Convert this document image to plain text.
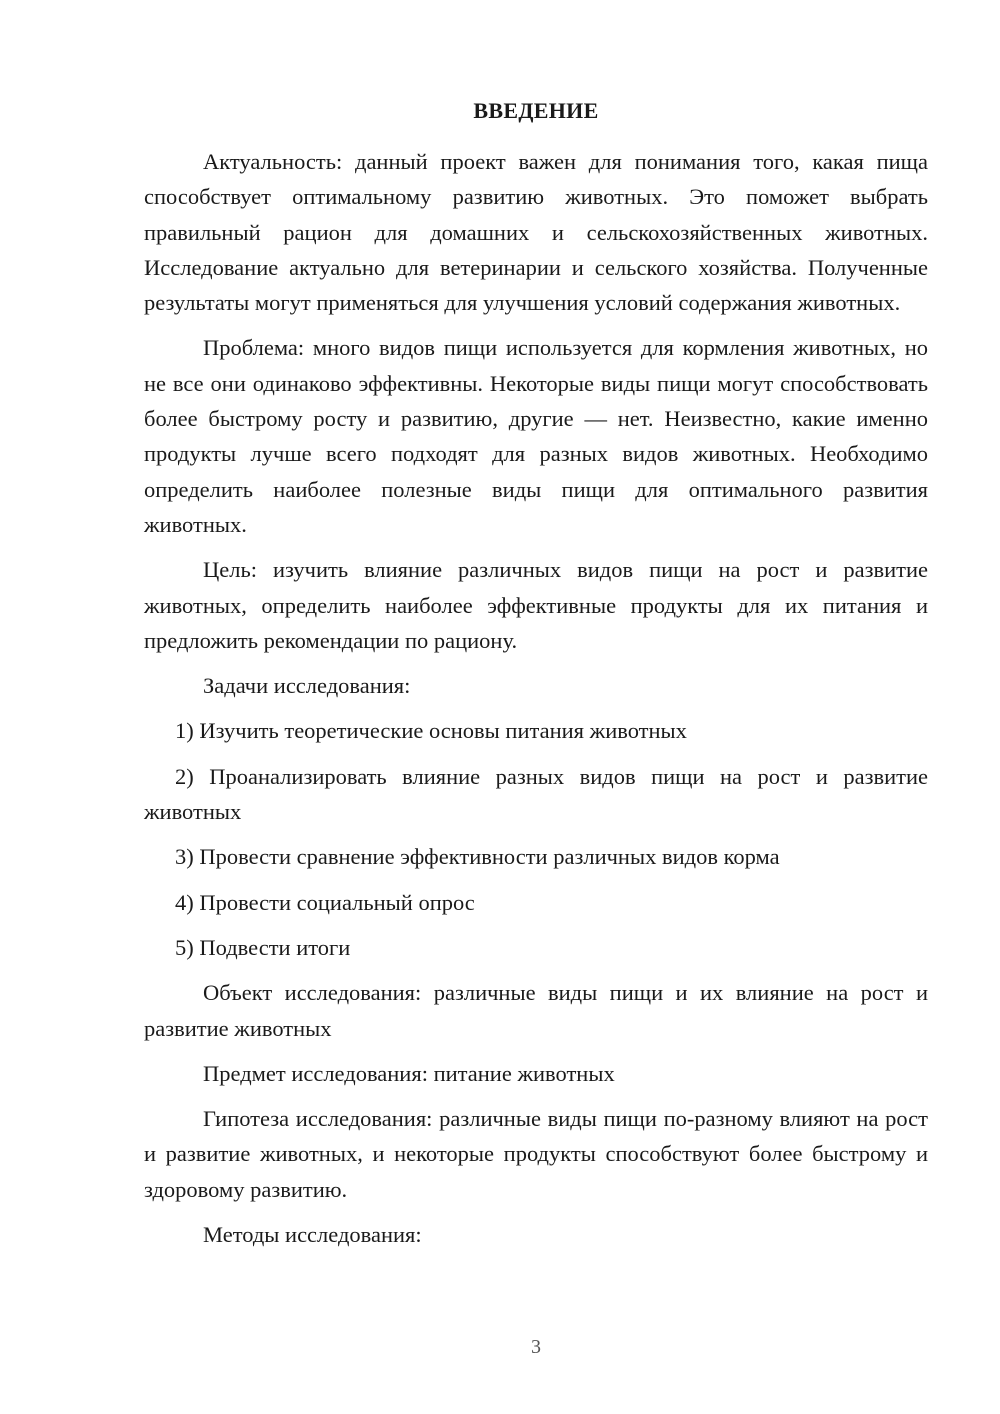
ВВЕДЕНИЕ

Актуальность: данный проект важен для понимания того, какая пища способствует оптимальному развитию животных. Это поможет выбрать правильный рацион для домашних и сельскохозяйственных животных. Исследование актуально для ветеринарии и сельского хозяйства. Полученные результаты могут применяться для улучшения условий содержания животных.

Проблема: много видов пищи используется для кормления животных, но не все они одинаково эффективны. Некоторые виды пищи могут способствовать более быстрому росту и развитию, другие — нет. Неизвестно, какие именно продукты лучше всего подходят для разных видов животных. Необходимо определить наиболее полезные виды пищи для оптимального развития животных.

Цель: изучить влияние различных видов пищи на рост и развитие животных, определить наиболее эффективные продукты для их питания и предложить рекомендации по рациону.

Задачи исследования:

1) Изучить теоретические основы питания животных

2) Проанализировать влияние разных видов пищи на рост и развитие животных

3) Провести сравнение эффективности различных видов корма

4) Провести социальный опрос

5) Подвести итоги

Объект исследования: различные виды пищи и их влияние на рост и развитие животных

Предмет исследования: питание животных

Гипотеза исследования: различные виды пищи по-разному влияют на рост и развитие животных, и некоторые продукты способствуют более быстрому и здоровому развитию.

Методы исследования:

3
